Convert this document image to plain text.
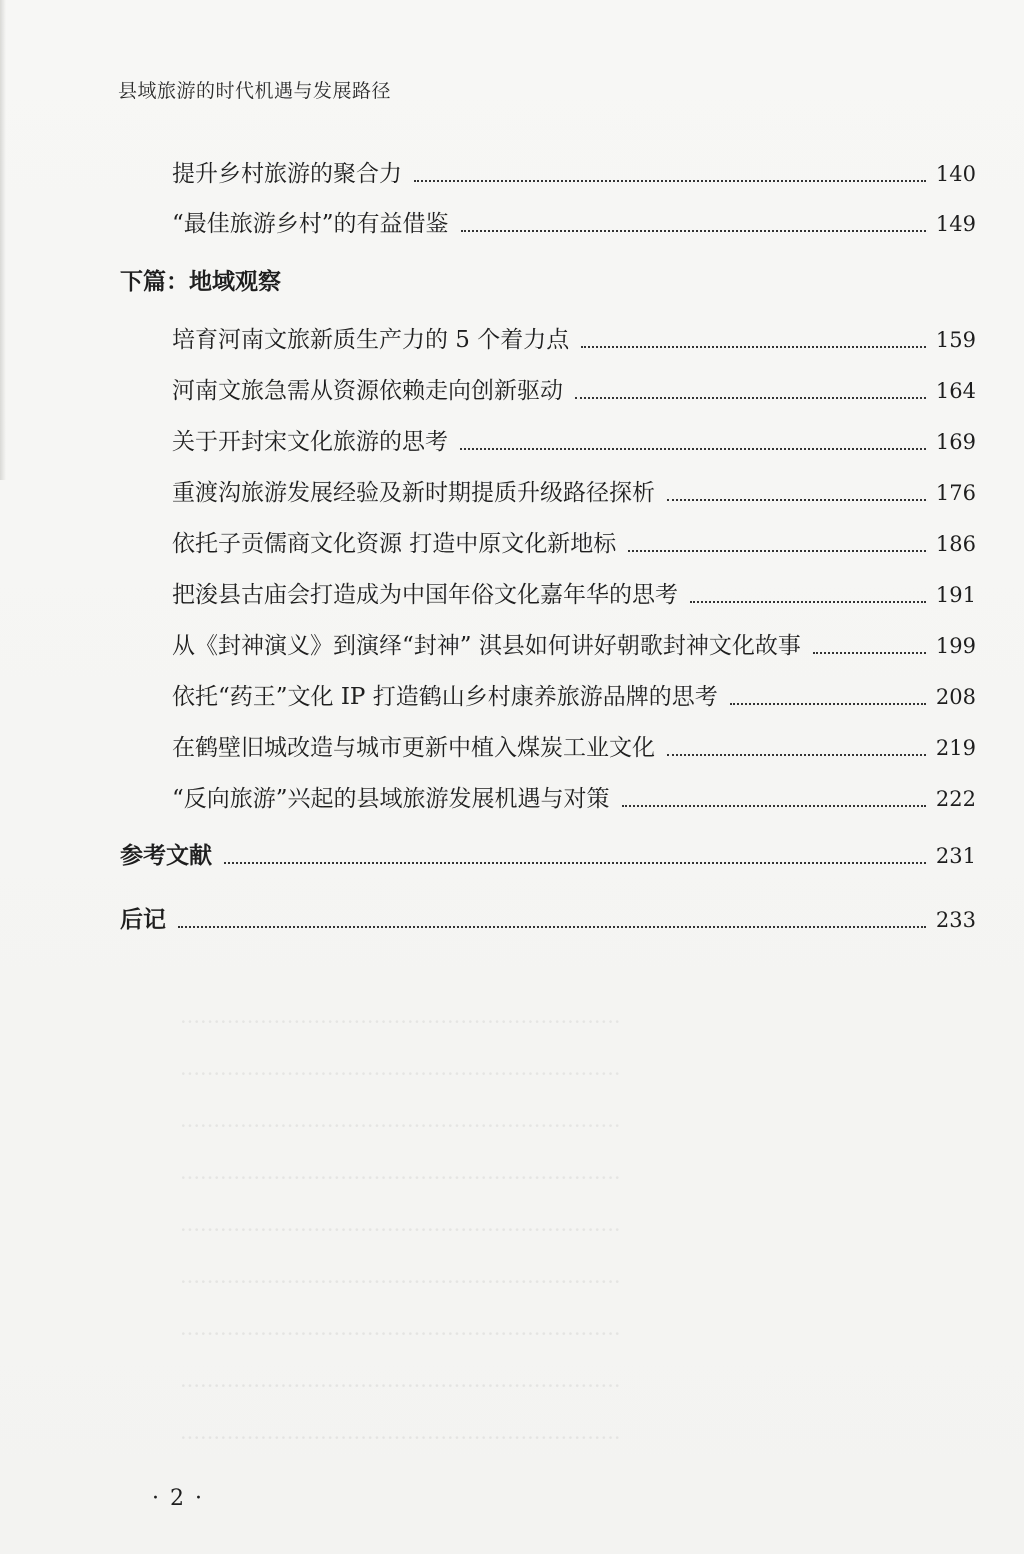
县域旅游的时代机遇与发展路径
提升乡村旅游的聚合力	140
“最佳旅游乡村”的有益借鉴	149
下篇：地域观察
培育河南文旅新质生产力的 5 个着力点	159
河南文旅急需从资源依赖走向创新驱动	164
关于开封宋文化旅游的思考	169
重渡沟旅游发展经验及新时期提质升级路径探析	176
依托子贡儒商文化资源 打造中原文化新地标	186
把浚县古庙会打造成为中国年俗文化嘉年华的思考	191
从《封神演义》到演绎“封神” 淇县如何讲好朝歌封神文化故事	199
依托“药王”文化 IP 打造鹤山乡村康养旅游品牌的思考	208
在鹤壁旧城改造与城市更新中植入煤炭工业文化	219
“反向旅游”兴起的县域旅游发展机遇与对策	222
参考文献	231
后记	233
··································································
··································································
··································································
··································································
··································································
··································································
··································································
··································································
··································································
· 2 ·
